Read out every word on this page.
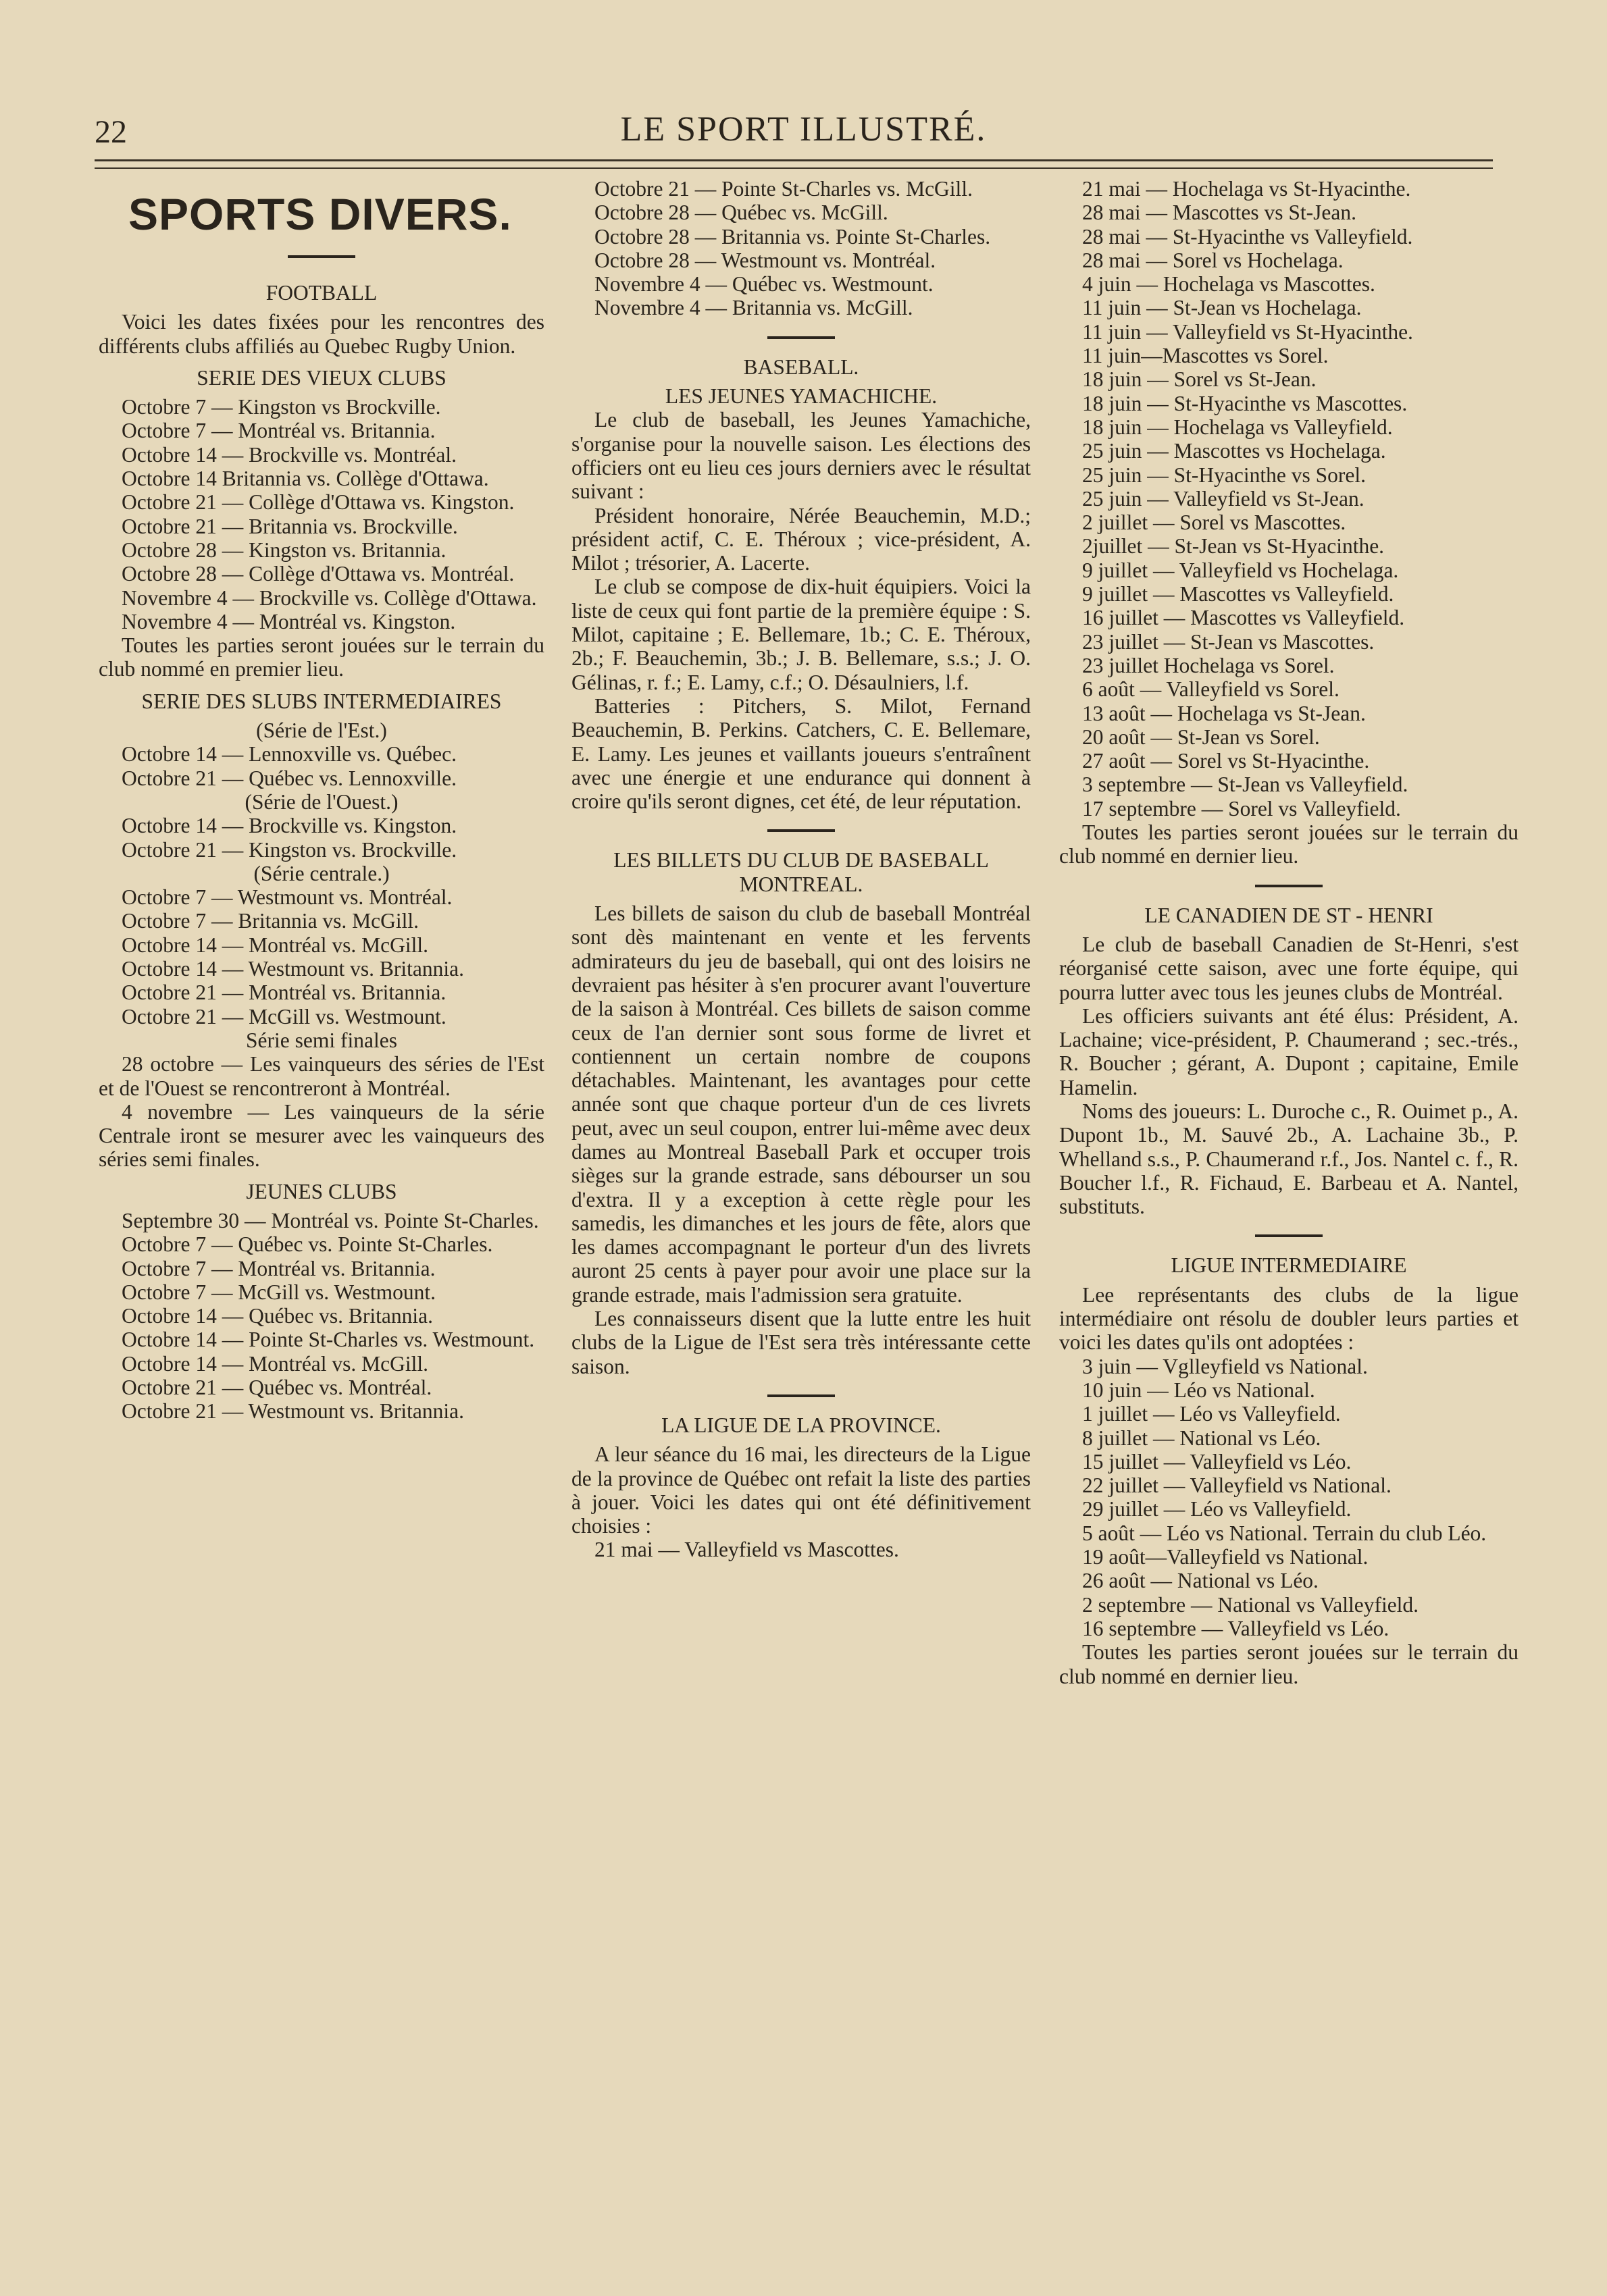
22	LE SPORT ILLUSTRÉ.
SPORTS DIVERS.

FOOTBALL

Voici les dates fixées pour les rencontres des différents clubs affiliés au Quebec Rugby Union.

SERIE DES VIEUX CLUBS

Octobre 7 — Kingston vs Brockville.

Octobre 7 — Montréal vs. Britannia.

Octobre 14 — Brockville vs. Montréal.

Octobre 14 Britannia vs. Collège d'Ottawa.

Octobre 21 — Collège d'Ottawa vs. Kingston.

Octobre 21 — Britannia vs. Brockville.

Octobre 28 — Kingston vs. Britannia.

Octobre 28 — Collège d'Ottawa vs. Montréal.

Novembre 4 — Brockville vs. Collège d'Ottawa.

Novembre 4 — Montréal vs. Kingston.

Toutes les parties seront jouées sur le terrain du club nommé en premier lieu.

SERIE DES SLUBS INTERMEDIAIRES

(Série de l'Est.)

Octobre 14 — Lennoxville vs. Québec.

Octobre 21 — Québec vs. Lennoxville.

(Série de l'Ouest.)

Octobre 14 — Brockville vs. Kingston.

Octobre 21 — Kingston vs. Brockville.

(Série centrale.)

Octobre 7 — Westmount vs. Montréal.

Octobre 7 — Britannia vs. McGill.

Octobre 14 — Montréal vs. McGill.

Octobre 14 — Westmount vs. Britannia.

Octobre 21 — Montréal vs. Britannia.

Octobre 21 — McGill vs. Westmount.

Série semi finales

28 octobre — Les vainqueurs des séries de l'Est et de l'Ouest se rencontreront à Montréal.

4 novembre — Les vainqueurs de la série Centrale iront se mesurer avec les vainqueurs des séries semi finales.

JEUNES CLUBS

Septembre 30 — Montréal vs. Pointe St-Charles.

Octobre 7 — Québec vs. Pointe St-Charles.

Octobre 7 — Montréal vs. Britannia.

Octobre 7 — McGill vs. Westmount.

Octobre 14 — Québec vs. Britannia.

Octobre 14 — Pointe St-Charles vs. Westmount.

Octobre 14 — Montréal vs. McGill.

Octobre 21 — Québec vs. Montréal.

Octobre 21 — Westmount vs. Britannia.

Octobre 21 — Pointe St-Charles vs. McGill.

Octobre 28 — Québec vs. McGill.

Octobre 28 — Britannia vs. Pointe St-Charles.

Octobre 28 — Westmount vs. Montréal.

Novembre 4 — Québec vs. Westmount.

Novembre 4 — Britannia vs. McGill.

BASEBALL.

LES JEUNES YAMACHICHE.

Le club de baseball, les Jeunes Yamachiche, s'organise pour la nouvelle saison. Les élections des officiers ont eu lieu ces jours derniers avec le résultat suivant :

Président honoraire, Nérée Beauchemin, M.D.; président actif, C. E. Théroux ; vice-président, A. Milot ; trésorier, A. Lacerte.

Le club se compose de dix-huit équipiers. Voici la liste de ceux qui font partie de la première équipe : S. Milot, capitaine ; E. Bellemare, 1b.; C. E. Théroux, 2b.; F. Beauchemin, 3b.; J. B. Bellemare, s.s.; J. O. Gélinas, r. f.; E. Lamy, c.f.; O. Désaulniers, l.f.

Batteries : Pitchers, S. Milot, Fernand Beauchemin, B. Perkins. Catchers, C. E. Bellemare, E. Lamy. Les jeunes et vaillants joueurs s'entraînent avec une énergie et une endurance qui donnent à croire qu'ils seront dignes, cet été, de leur réputation.

LES BILLETS DU CLUB DE BASEBALL MONTREAL.

Les billets de saison du club de baseball Montréal sont dès maintenant en vente et les fervents admirateurs du jeu de baseball, qui ont des loisirs ne devraient pas hésiter à s'en procurer avant l'ouverture de la saison à Montréal. Ces billets de saison comme ceux de l'an dernier sont sous forme de livret et contiennent un certain nombre de coupons détachables. Maintenant, les avantages pour cette année sont que chaque porteur d'un de ces livrets peut, avec un seul coupon, entrer lui-même avec deux dames au Montreal Baseball Park et occuper trois sièges sur la grande estrade, sans débourser un sou d'extra. Il y a exception à cette règle pour les samedis, les dimanches et les jours de fête, alors que les dames accompagnant le porteur d'un des livrets auront 25 cents à payer pour avoir une place sur la grande estrade, mais l'admission sera gratuite.

Les connaisseurs disent que la lutte entre les huit clubs de la Ligue de l'Est sera très intéressante cette saison.

LA LIGUE DE LA PROVINCE.

A leur séance du 16 mai, les directeurs de la Ligue de la province de Québec ont refait la liste des parties à jouer. Voici les dates qui ont été définitivement choisies :

21 mai — Valleyfield vs Mascottes.

21 mai — Hochelaga vs St-Hyacinthe.

28 mai — Mascottes vs St-Jean.

28 mai — St-Hyacinthe vs Valleyfield.

28 mai — Sorel vs Hochelaga.

4 juin — Hochelaga vs Mascottes.

11 juin — St-Jean vs Hochelaga.

11 juin — Valleyfield vs St-Hyacinthe.

11 juin—Mascottes vs Sorel.

18 juin — Sorel vs St-Jean.

18 juin — St-Hyacinthe vs Mascottes.

18 juin — Hochelaga vs Valleyfield.

25 juin — Mascottes vs Hochelaga.

25 juin — St-Hyacinthe vs Sorel.

25 juin — Valleyfield vs St-Jean.

2 juillet — Sorel vs Mascottes.

2juillet — St-Jean vs St-Hyacinthe.

9 juillet — Valleyfield vs Hochelaga.

9 juillet — Mascottes vs Valleyfield.

16 juillet — Mascottes vs Valleyfield.

23 juillet — St-Jean vs Mascottes.

23 juillet Hochelaga vs Sorel.

6 août — Valleyfield vs Sorel.

13 août — Hochelaga vs St-Jean.

20 août — St-Jean vs Sorel.

27 août — Sorel vs St-Hyacinthe.

3 septembre — St-Jean vs Valleyfield.

17 septembre — Sorel vs Valleyfield.

Toutes les parties seront jouées sur le terrain du club nommé en dernier lieu.

LE CANADIEN DE ST - HENRI

Le club de baseball Canadien de St-Henri, s'est réorganisé cette saison, avec une forte équipe, qui pourra lutter avec tous les jeunes clubs de Montréal.

Les officiers suivants ant été élus: Président, A. Lachaine; vice-président, P. Chaumerand ; sec.-trés., R. Boucher ; gérant, A. Dupont ; capitaine, Emile Hamelin.

Noms des joueurs: L. Duroche c., R. Ouimet p., A. Dupont 1b., M. Sauvé 2b., A. Lachaine 3b., P. Whelland s.s., P. Chaumerand r.f., Jos. Nantel c. f., R. Boucher l.f., R. Fichaud, E. Barbeau et A. Nantel, substituts.

LIGUE INTERMEDIAIRE

Lee représentants des clubs de la ligue intermédiaire ont résolu de doubler leurs parties et voici les dates qu'ils ont adoptées :

3 juin — Vglleyfield vs National.

10 juin — Léo vs National.

1 juillet — Léo vs Valleyfield.

8 juillet — National vs Léo.

15 juillet — Valleyfield vs Léo.

22 juillet — Valleyfield vs National.

29 juillet — Léo vs Valleyfield.

5 août — Léo vs National. Terrain du club Léo.

19 août—Valleyfield vs National.

26 août — National vs Léo.

2 septembre — National vs Valleyfield.

16 septembre — Valleyfield vs Léo.

Toutes les parties seront jouées sur le terrain du club nommé en dernier lieu.
